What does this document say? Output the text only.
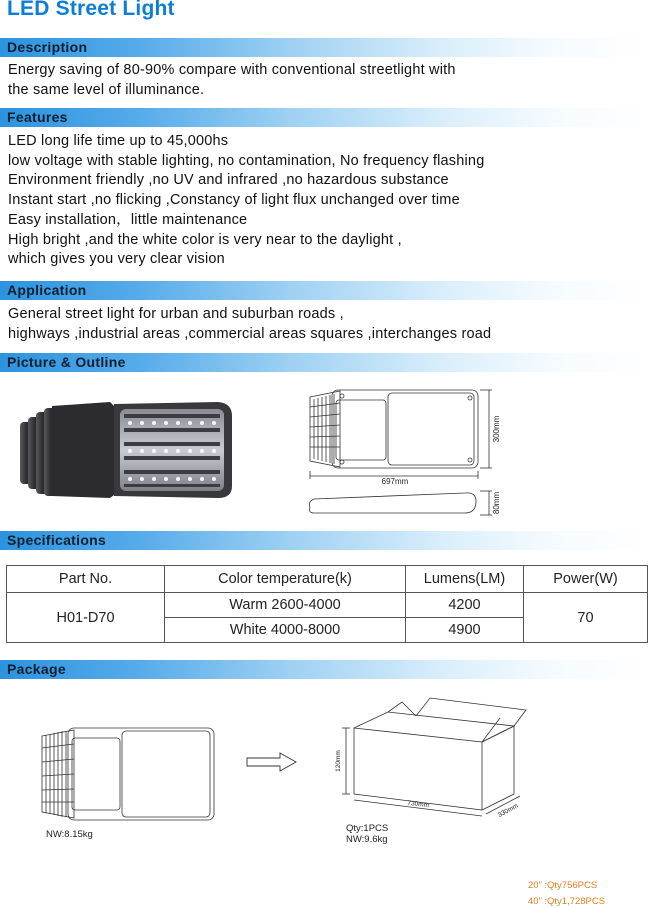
LED Street Light
Description
Energy saving of 80-90% compare with conventional streetlight with
the same level of illuminance.
Features
LED long life time up to 45,000hs
low voltage with stable lighting, no contamination, No frequency flashing
Environment friendly ,no UV and infrared ,no hazardous substance
Instant start ,no flicking ,Constancy of light flux unchanged over time
Easy installation，little maintenance
High bright ,and the white color is very near to the daylight ,
which gives you very clear vision
Application
General street light for urban and suburban roads ,
highways ,industrial areas ,commercial areas squares ,interchanges road
Picture & Outline
697mm
300mm
80mm
Specifications
Part No.	Color temperature(k)	Lumens(LM)	Power(W)
H01-D70	Warm 2600-4000	4200	70
	White 4000-8000	4900	
Package
120mm
730mm	330mm
NW:8.15kg
Qty:1PCS
NW:9.6kg
20” :Qty756PCS
40” :Qty1,728PCS
